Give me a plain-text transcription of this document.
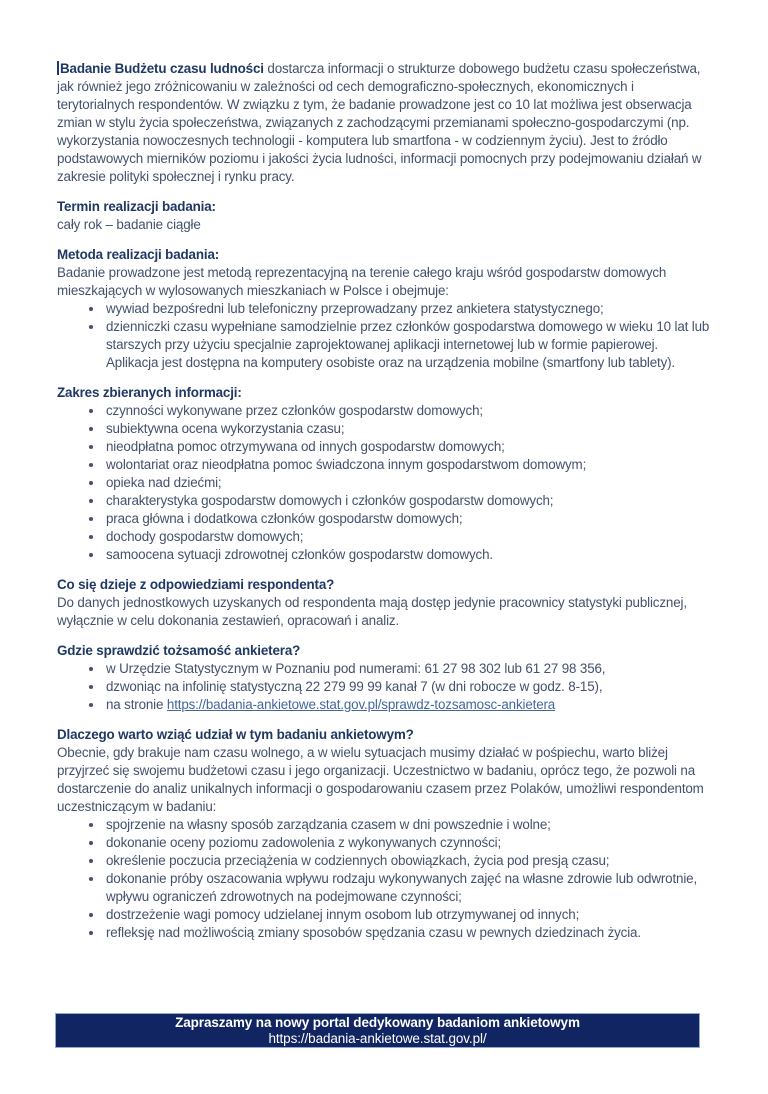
Badanie Budżetu czasu ludności dostarcza informacji o strukturze dobowego budżetu czasu społeczeństwa, jak również jego zróżnicowaniu w zależności od cech demograficzno-społecznych, ekonomicznych i terytorialnych respondentów. W związku z tym, że badanie prowadzone jest co 10 lat możliwa jest obserwacja zmian w stylu życia społeczeństwa, związanych z zachodzącymi przemianami społeczno-gospodarczymi (np. wykorzystania nowoczesnych technologii - komputera lub smartfona - w codziennym życiu). Jest to źródło podstawowych mierników poziomu i jakości życia ludności, informacji pomocnych przy podejmowaniu działań w zakresie polityki społecznej i rynku pracy.

Termin realizacji badania:

cały rok – badanie ciągłe

Metoda realizacji badania:

Badanie prowadzone jest metodą reprezentacyjną na terenie całego kraju wśród gospodarstw domowych mieszkających w wylosowanych mieszkaniach w Polsce i obejmuje:

• wywiad bezpośredni lub telefoniczny przeprowadzany przez ankietera statystycznego;
• dzienniczki czasu wypełniane samodzielnie przez członków gospodarstwa domowego w wieku 10 lat lub starszych przy użyciu specjalnie zaprojektowanej aplikacji internetowej lub w formie papierowej. Aplikacja jest dostępna na komputery osobiste oraz na urządzenia mobilne (smartfony lub tablety).

Zakres zbieranych informacji:

• czynności wykonywane przez członków gospodarstw domowych;
• subiektywna ocena wykorzystania czasu;
• nieodpłatna pomoc otrzymywana od innych gospodarstw domowych;
• wolontariat oraz nieodpłatna pomoc świadczona innym gospodarstwom domowym;
• opieka nad dziećmi;
• charakterystyka gospodarstw domowych i członków gospodarstw domowych;
• praca główna i dodatkowa członków gospodarstw domowych;
• dochody gospodarstw domowych;
• samoocena sytuacji zdrowotnej członków gospodarstw domowych.

Co się dzieje z odpowiedziami respondenta?

Do danych jednostkowych uzyskanych od respondenta mają dostęp jedynie pracownicy statystyki publicznej, wyłącznie w celu dokonania zestawień, opracowań i analiz.

Gdzie sprawdzić tożsamość ankietera?

• w Urzędzie Statystycznym w Poznaniu pod numerami: 61 27 98 302 lub 61 27 98 356,
• dzwoniąc na infolinię statystyczną 22 279 99 99 kanał 7 (w dni robocze w godz. 8-15),
• na stronie https://badania-ankietowe.stat.gov.pl/sprawdz-tozsamosc-ankietera

Dlaczego warto wziąć udział w tym badaniu ankietowym?

Obecnie, gdy brakuje nam czasu wolnego, a w wielu sytuacjach musimy działać w pośpiechu, warto bliżej przyjrzeć się swojemu budżetowi czasu i jego organizacji. Uczestnictwo w badaniu, oprócz tego, że pozwoli na dostarczenie do analiz unikalnych informacji o gospodarowaniu czasem przez Polaków, umożliwi respondentom uczestniczącym w badaniu:

• spojrzenie na własny sposób zarządzania czasem w dni powszednie i wolne;
• dokonanie oceny poziomu zadowolenia z wykonywanych czynności;
• określenie poczucia przeciążenia w codziennych obowiązkach, życia pod presją czasu;
• dokonanie próby oszacowania wpływu rodzaju wykonywanych zajęć na własne zdrowie lub odwrotnie, wpływu ograniczeń zdrowotnych na podejmowane czynności;
• dostrzeżenie wagi pomocy udzielanej innym osobom lub otrzymywanej od innych;
• refleksję nad możliwością zmiany sposobów spędzania czasu w pewnych dziedzinach życia.
Zapraszamy na nowy portal dedykowany badaniom ankietowym
https://badania-ankietowe.stat.gov.pl/
